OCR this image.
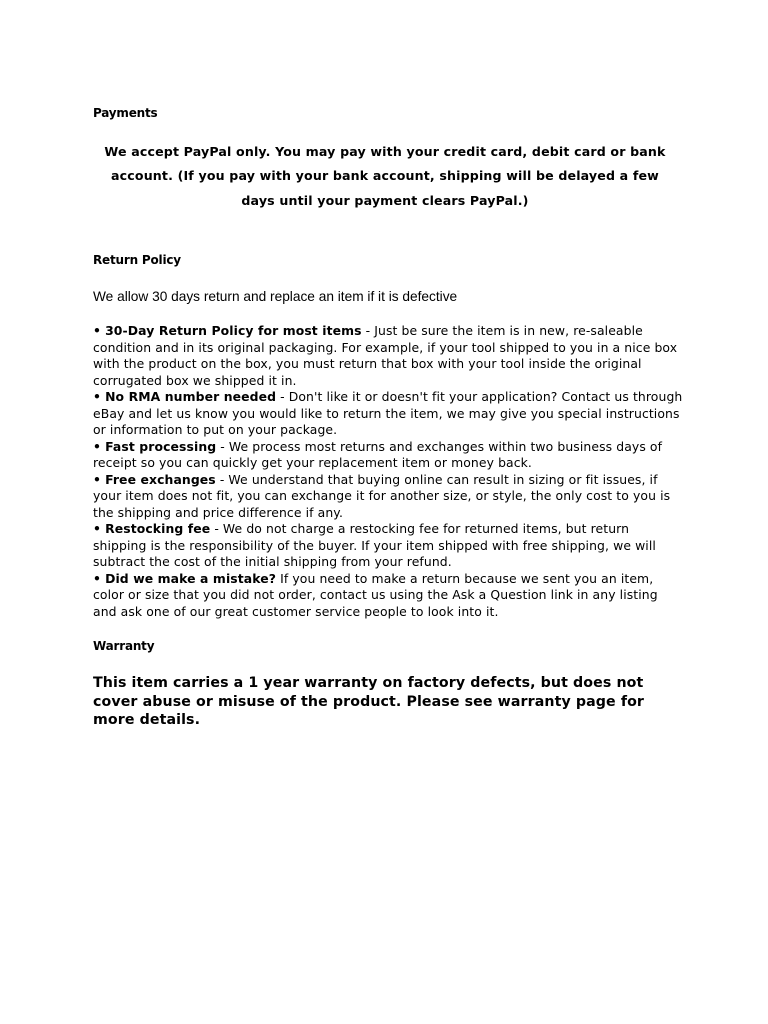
Payments
We accept PayPal only. You may pay with your credit card, debit card or bank
account. (If you pay with your bank account, shipping will be delayed a few
days until your payment clears PayPal.)
Return Policy
We allow 30 days return and replace an item if it is defective
• 30-Day Return Policy for most items - Just be sure the item is in new, re-saleable condition and in its original packaging. For example, if your tool shipped to you in a nice box with the product on the box, you must return that box with your tool inside the original corrugated box we shipped it in.
• No RMA number needed - Don't like it or doesn't fit your application? Contact us through eBay and let us know you would like to return the item, we may give you special instructions or information to put on your package.
• Fast processing - We process most returns and exchanges within two business days of receipt so you can quickly get your replacement item or money back.
• Free exchanges - We understand that buying online can result in sizing or fit issues, if your item does not fit, you can exchange it for another size, or style, the only cost to you is the shipping and price difference if any.
• Restocking fee - We do not charge a restocking fee for returned items, but return shipping is the responsibility of the buyer. If your item shipped with free shipping, we will subtract the cost of the initial shipping from your refund.
• Did we make a mistake? If you need to make a return because we sent you an item, color or size that you did not order, contact us using the Ask a Question link in any listing and ask one of our great customer service people to look into it.
Warranty
This item carries a 1 year warranty on factory defects, but does not cover abuse or misuse of the product. Please see warranty page for more details.
